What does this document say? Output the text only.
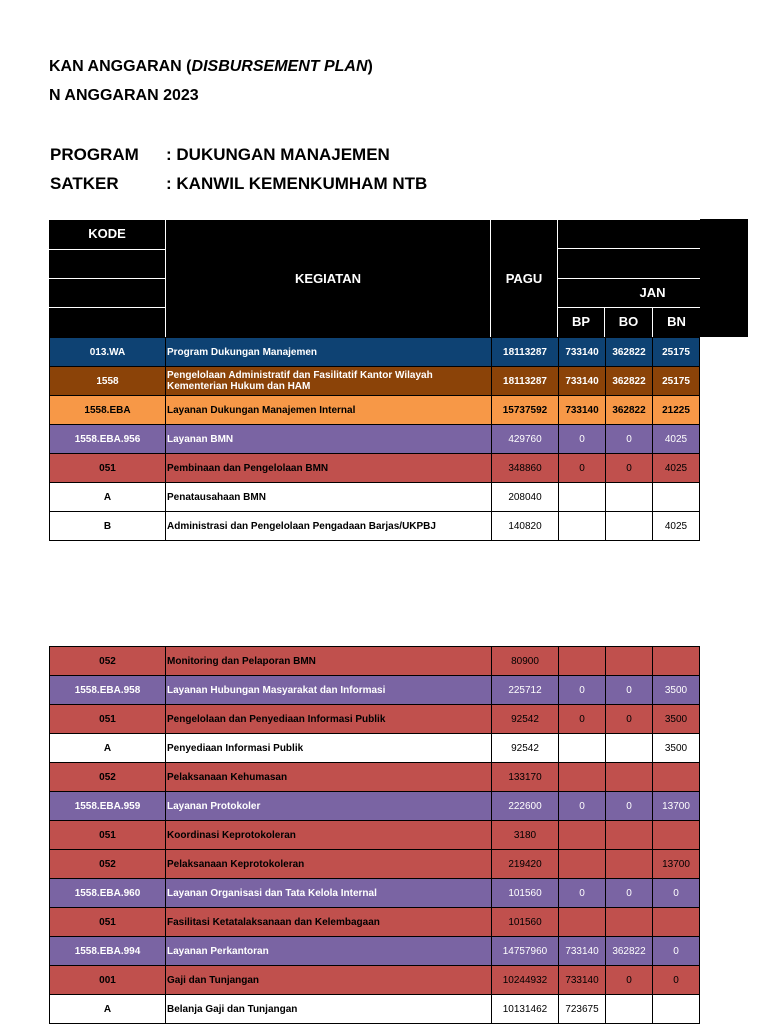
KAN ANGGARAN (DISBURSEMENT PLAN)
N ANGGARAN 2023
PROGRAM : DUKUNGAN MANAJEMEN
SATKER	: KANWIL KEMENKUMHAM NTB
KODE
KEGIATAN	PAGU
JAN
BP	BO	BN
013.WA	Program Dukungan Manajemen	18113287	733140	362822	25175
1558	Pengelolaan Administratif dan Fasilitatif Kantor Wilayah Kementerian Hukum dan HAM	18113287	733140	362822	25175
1558.EBA	Layanan Dukungan Manajemen Internal	15737592	733140	362822	21225
1558.EBA.956	Layanan BMN	429760	0	0	4025
051	Pembinaan dan Pengelolaan BMN	348860	0	0	4025
A	Penatausahaan BMN	208040			
B	Administrasi dan Pengelolaan Pengadaan Barjas/UKPBJ	140820			4025
052	Monitoring dan Pelaporan BMN	80900			
1558.EBA.958	Layanan Hubungan Masyarakat dan Informasi	225712	0	0	3500
051	Pengelolaan dan Penyediaan Informasi Publik	92542	0	0	3500
A	Penyediaan Informasi Publik	92542			3500
052	Pelaksanaan Kehumasan	133170			
1558.EBA.959	Layanan Protokoler	222600	0	0	13700
051	Koordinasi Keprotokoleran	3180			
052	Pelaksanaan Keprotokoleran	219420			13700
1558.EBA.960	Layanan Organisasi dan Tata Kelola Internal	101560	0	0	0
051	Fasilitasi Ketatalaksanaan dan Kelembagaan	101560			
1558.EBA.994	Layanan Perkantoran	14757960	733140	362822	0
001	Gaji dan Tunjangan	10244932	733140	0	0
A	Belanja Gaji dan Tunjangan	10131462	723675		
